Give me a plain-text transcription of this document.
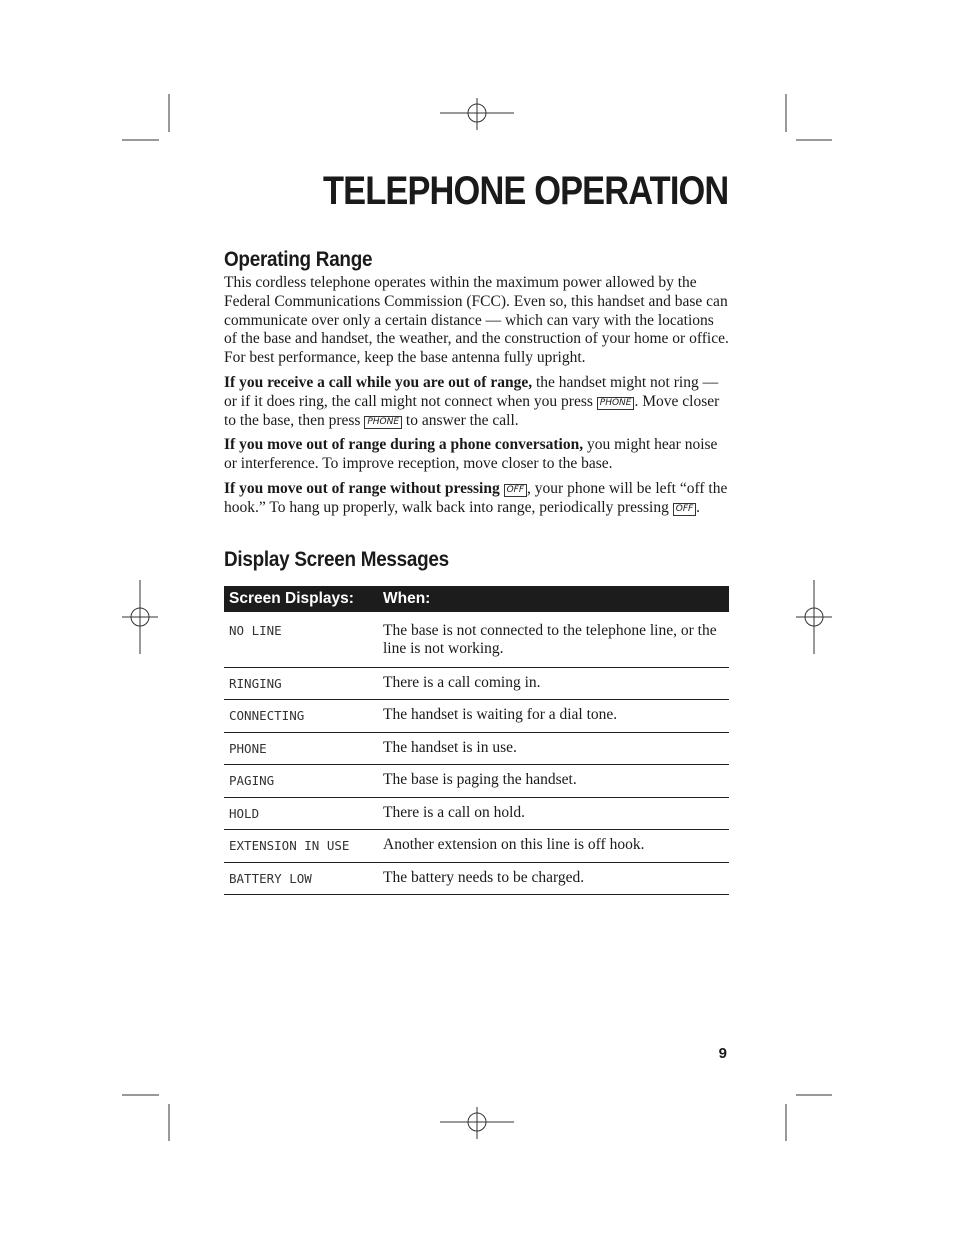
TELEPHONE OPERATION
Operating Range

This cordless telephone operates within the maximum power allowed by the Federal Communications Commission (FCC). Even so, this handset and base can communicate over only a certain distance — which can vary with the locations of the base and handset, the weather, and the construction of your home or office. For best performance, keep the base antenna fully upright.

If you receive a call while you are out of range, the handset might not ring — or if it does ring, the call might not connect when you press PHONE . Move closer to the base, then press PHONE to answer the call.

If you move out of range during a phone conversation, you might hear noise or interference. To improve reception, move closer to the base.

If you move out of range without pressing OFF , your phone will be left “off the hook.” To hang up properly, walk back into range, periodically pressing OFF .

Display Screen Messages
Screen Displays:	When:
NO LINE	The base is not connected to the telephone line, or the line is not working.
RINGING	There is a call coming in.
CONNECTING	The handset is waiting for a dial tone.
PHONE	The handset is in use.
PAGING	The base is paging the handset.
HOLD	There is a call on hold.
EXTENSION IN USE	Another extension on this line is off hook.
BATTERY LOW	The battery needs to be charged.

9
